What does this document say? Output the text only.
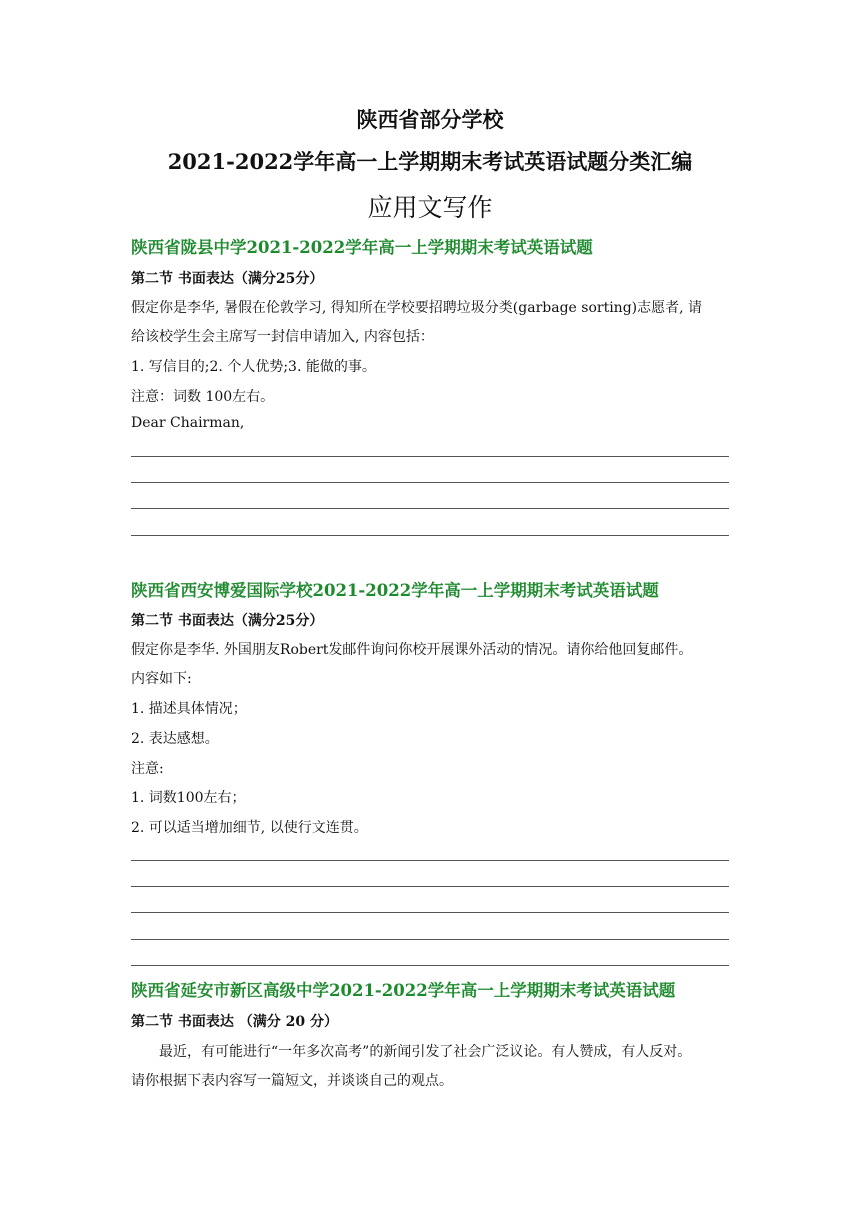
陕西省部分学校
2021-2022学年高一上学期期末考试英语试题分类汇编
应用文写作
陕西省陇县中学2021-2022学年高一上学期期末考试英语试题
第二节 书面表达（满分25分）
假定你是李华, 暑假在伦敦学习, 得知所在学校要招聘垃圾分类(garbage sorting)志愿者, 请
给该校学生会主席写一封信申请加入, 内容包括：
1. 写信目的;2. 个人优势;3. 能做的事。
注意：词数 100左右。
Dear Chairman,
陕西省西安博爱国际学校2021-2022学年高一上学期期末考试英语试题
第二节 书面表达（满分25分）
假定你是李华. 外国朋友Robert发邮件询问你校开展课外活动的情况。请你给他回复邮件。
内容如下:
1. 描述具体情况；
2. 表达感想。
注意:
1. 词数100左右；
2. 可以适当增加细节, 以使行文连贯。
陕西省延安市新区高级中学2021-2022学年高一上学期期末考试英语试题
第二节 书面表达 （满分 20 分）
最近，有可能进行“一年多次高考”的新闻引发了社会广泛议论。有人赞成，有人反对。
请你根据下表内容写一篇短文，并谈谈自己的观点。
